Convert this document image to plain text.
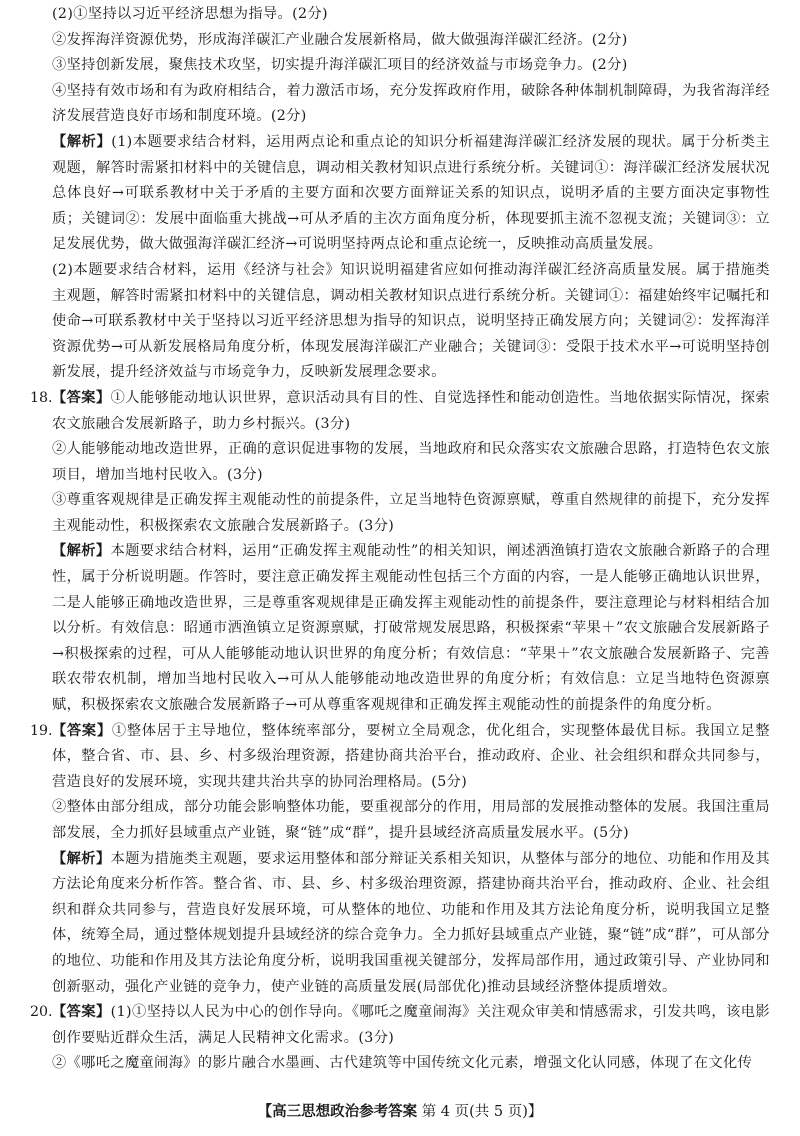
(2)①坚持以习近平经济思想为指导。(2分)

②发挥海洋资源优势，形成海洋碳汇产业融合发展新格局，做大做强海洋碳汇经济。(2分)

③坚持创新发展，聚焦技术攻坚，切实提升海洋碳汇项目的经济效益与市场竞争力。(2分)

④坚持有效市场和有为政府相结合，着力激活市场，充分发挥政府作用，破除各种体制机制障碍，为我省海洋经济发展营造良好市场和制度环境。(2分)

【解析】(1)本题要求结合材料，运用两点论和重点论的知识分析福建海洋碳汇经济发展的现状。属于分析类主观题，解答时需紧扣材料中的关键信息，调动相关教材知识点进行系统分析。关键词①：海洋碳汇经济发展状况总体良好→可联系教材中关于矛盾的主要方面和次要方面辩证关系的知识点，说明矛盾的主要方面决定事物性质；关键词②：发展中面临重大挑战→可从矛盾的主次方面角度分析，体现要抓主流不忽视支流；关键词③：立足发展优势，做大做强海洋碳汇经济→可说明坚持两点论和重点论统一，反映推动高质量发展。

(2)本题要求结合材料，运用《经济与社会》知识说明福建省应如何推动海洋碳汇经济高质量发展。属于措施类主观题，解答时需紧扣材料中的关键信息，调动相关教材知识点进行系统分析。关键词①：福建始终牢记嘱托和使命→可联系教材中关于坚持以习近平经济思想为指导的知识点，说明坚持正确发展方向；关键词②：发挥海洋资源优势→可从新发展格局角度分析，体现发展海洋碳汇产业融合；关键词③：受限于技术水平→可说明坚持创新发展，提升经济效益与市场竞争力，反映新发展理念要求。

18. 【答案】①人能够能动地认识世界，意识活动具有目的性、自觉选择性和能动创造性。当地依据实际情况，探索农文旅融合发展新路子，助力乡村振兴。(3分)

②人能够能动地改造世界，正确的意识促进事物的发展，当地政府和民众落实农文旅融合思路，打造特色农文旅项目，增加当地村民收入。(3分)

③尊重客观规律是正确发挥主观能动性的前提条件，立足当地特色资源禀赋，尊重自然规律的前提下，充分发挥主观能动性，积极探索农文旅融合发展新路子。(3分)

【解析】本题要求结合材料，运用“正确发挥主观能动性”的相关知识，阐述洒渔镇打造农文旅融合新路子的合理性，属于分析说明题。作答时，要注意正确发挥主观能动性包括三个方面的内容，一是人能够正确地认识世界，二是人能够正确地改造世界，三是尊重客观规律是正确发挥主观能动性的前提条件，要注意理论与材料相结合加以分析。有效信息：昭通市洒渔镇立足资源禀赋，打破常规发展思路，积极探索“苹果＋”农文旅融合发展新路子→积极探索的过程，可从人能够能动地认识世界的角度分析；有效信息：“苹果＋”农文旅融合发展新路子、完善联农带农机制，增加当地村民收入→可从人能够能动地改造世界的角度分析；有效信息：立足当地特色资源禀赋，积极探索农文旅融合发展新路子→可从尊重客观规律和正确发挥主观能动性的前提条件的角度分析。

19. 【答案】①整体居于主导地位，整体统率部分，要树立全局观念，优化组合，实现整体最优目标。我国立足整体，整合省、市、县、乡、村多级治理资源，搭建协商共治平台，推动政府、企业、社会组织和群众共同参与，营造良好的发展环境，实现共建共治共享的协同治理格局。(5分)

②整体由部分组成，部分功能会影响整体功能，要重视部分的作用，用局部的发展推动整体的发展。我国注重局部发展，全力抓好县域重点产业链，聚“链”成“群”，提升县域经济高质量发展水平。(5分)

【解析】本题为措施类主观题，要求运用整体和部分辩证关系相关知识，从整体与部分的地位、功能和作用及其方法论角度来分析作答。整合省、市、县、乡、村多级治理资源，搭建协商共治平台，推动政府、企业、社会组织和群众共同参与，营造良好发展环境，可从整体的地位、功能和作用及其方法论角度分析，说明我国立足整体，统筹全局，通过整体规划提升县域经济的综合竞争力。全力抓好县域重点产业链，聚“链”成“群”，可从部分的地位、功能和作用及其方法论角度分析，说明我国重视关键部分，发挥局部作用，通过政策引导、产业协同和创新驱动，强化产业链的竞争力，使产业链的高质量发展(局部优化)推动县域经济整体提质增效。

20. 【答案】(1)①坚持以人民为中心的创作导向。《哪吒之魔童闹海》关注观众审美和情感需求，引发共鸣，该电影创作要贴近群众生活，满足人民精神文化需求。(3分)

②《哪吒之魔童闹海》的影片融合水墨画、古代建筑等中国传统文化元素，增强文化认同感，体现了在文化传

【高三思想政治参考答案 第 4 页(共 5 页)】
